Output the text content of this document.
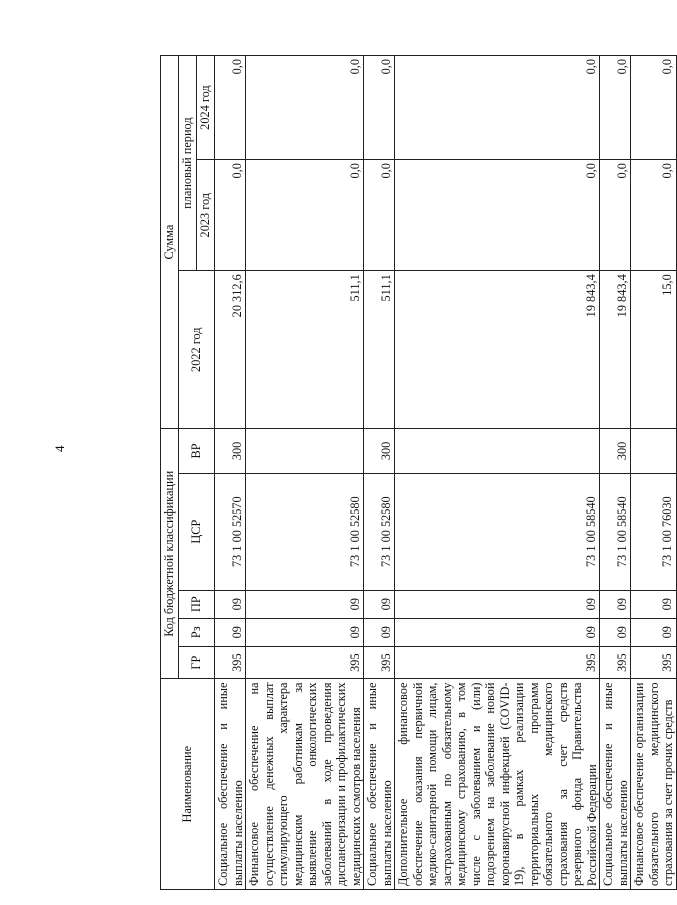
4
Наименование	Код бюджетной классификации					Сумма		
	ГР	Рз	ПР	ЦСР	ВР	2022 год	плановый период	
							2023 год	2024 год
Социальное обеспечение и иные выплаты населению	395	09	09	73 1 00 52570	300	20 312,6	0,0	0,0
Финансовое обеспечение на осуществление денежных выплат стимулирующего характера медицинским работникам за выявление онкологических заболеваний в ходе проведения диспансеризации и профилактических медицинских осмотров населения	395	09	09	73 1 00 52580		511,1	0,0	0,0
Социальное обеспечение и иные выплаты населению	395	09	09	73 1 00 52580	300	511,1	0,0	0,0
Дополнительное финансовое обеспечение оказания первичной медико-санитарной помощи лицам, застрахованным по обязательному медицинскому страхованию, в том числе с заболеванием и (или) подозрением на заболевание новой коронавирусной инфекцией (COVID-19), в рамках реализации территориальных программ обязательного медицинского страхования за счет средств резервного фонда Правительства Российской Федерации	395	09	09	73 1 00 58540		19 843,4	0,0	0,0
Социальное обеспечение и иные выплаты населению	395	09	09	73 1 00 58540	300	19 843,4	0,0	0,0
Финансовое обеспечение организации обязательного медицинского страхования за счет прочих средств	395	09	09	73 1 00 76030		15,0	0,0	0,0
